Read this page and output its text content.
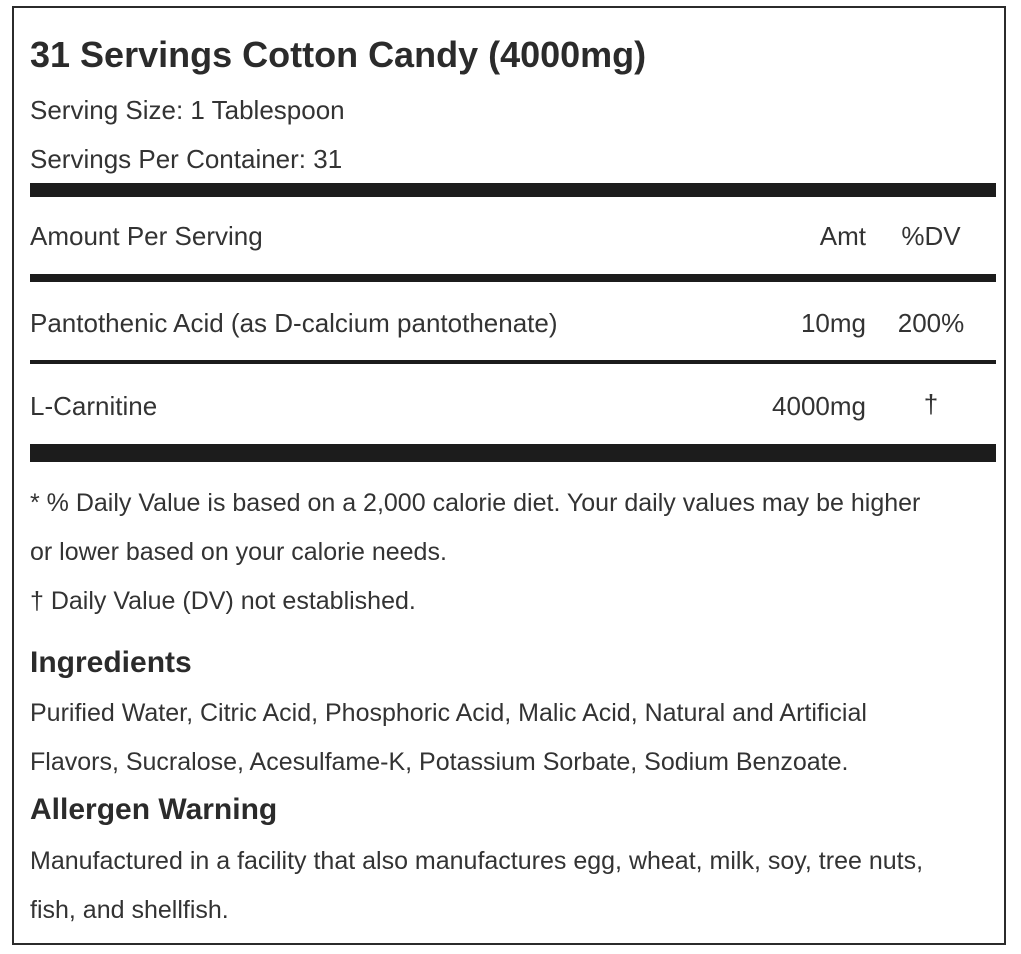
31 Servings Cotton Candy (4000mg)
Serving Size: 1 Tablespoon
Servings Per Container: 31
Amount Per Serving	Amt	%DV
Pantothenic Acid (as D-calcium pantothenate)	10mg	200%
L-Carnitine	4000mg	†
* % Daily Value is based on a 2,000 calorie diet. Your daily values may be higher
or lower based on your calorie needs.
† Daily Value (DV) not established.
Ingredients
Purified Water, Citric Acid, Phosphoric Acid, Malic Acid, Natural and Artificial
Flavors, Sucralose, Acesulfame-K, Potassium Sorbate, Sodium Benzoate.
Allergen Warning
Manufactured in a facility that also manufactures egg, wheat, milk, soy, tree nuts,
fish, and shellfish.
